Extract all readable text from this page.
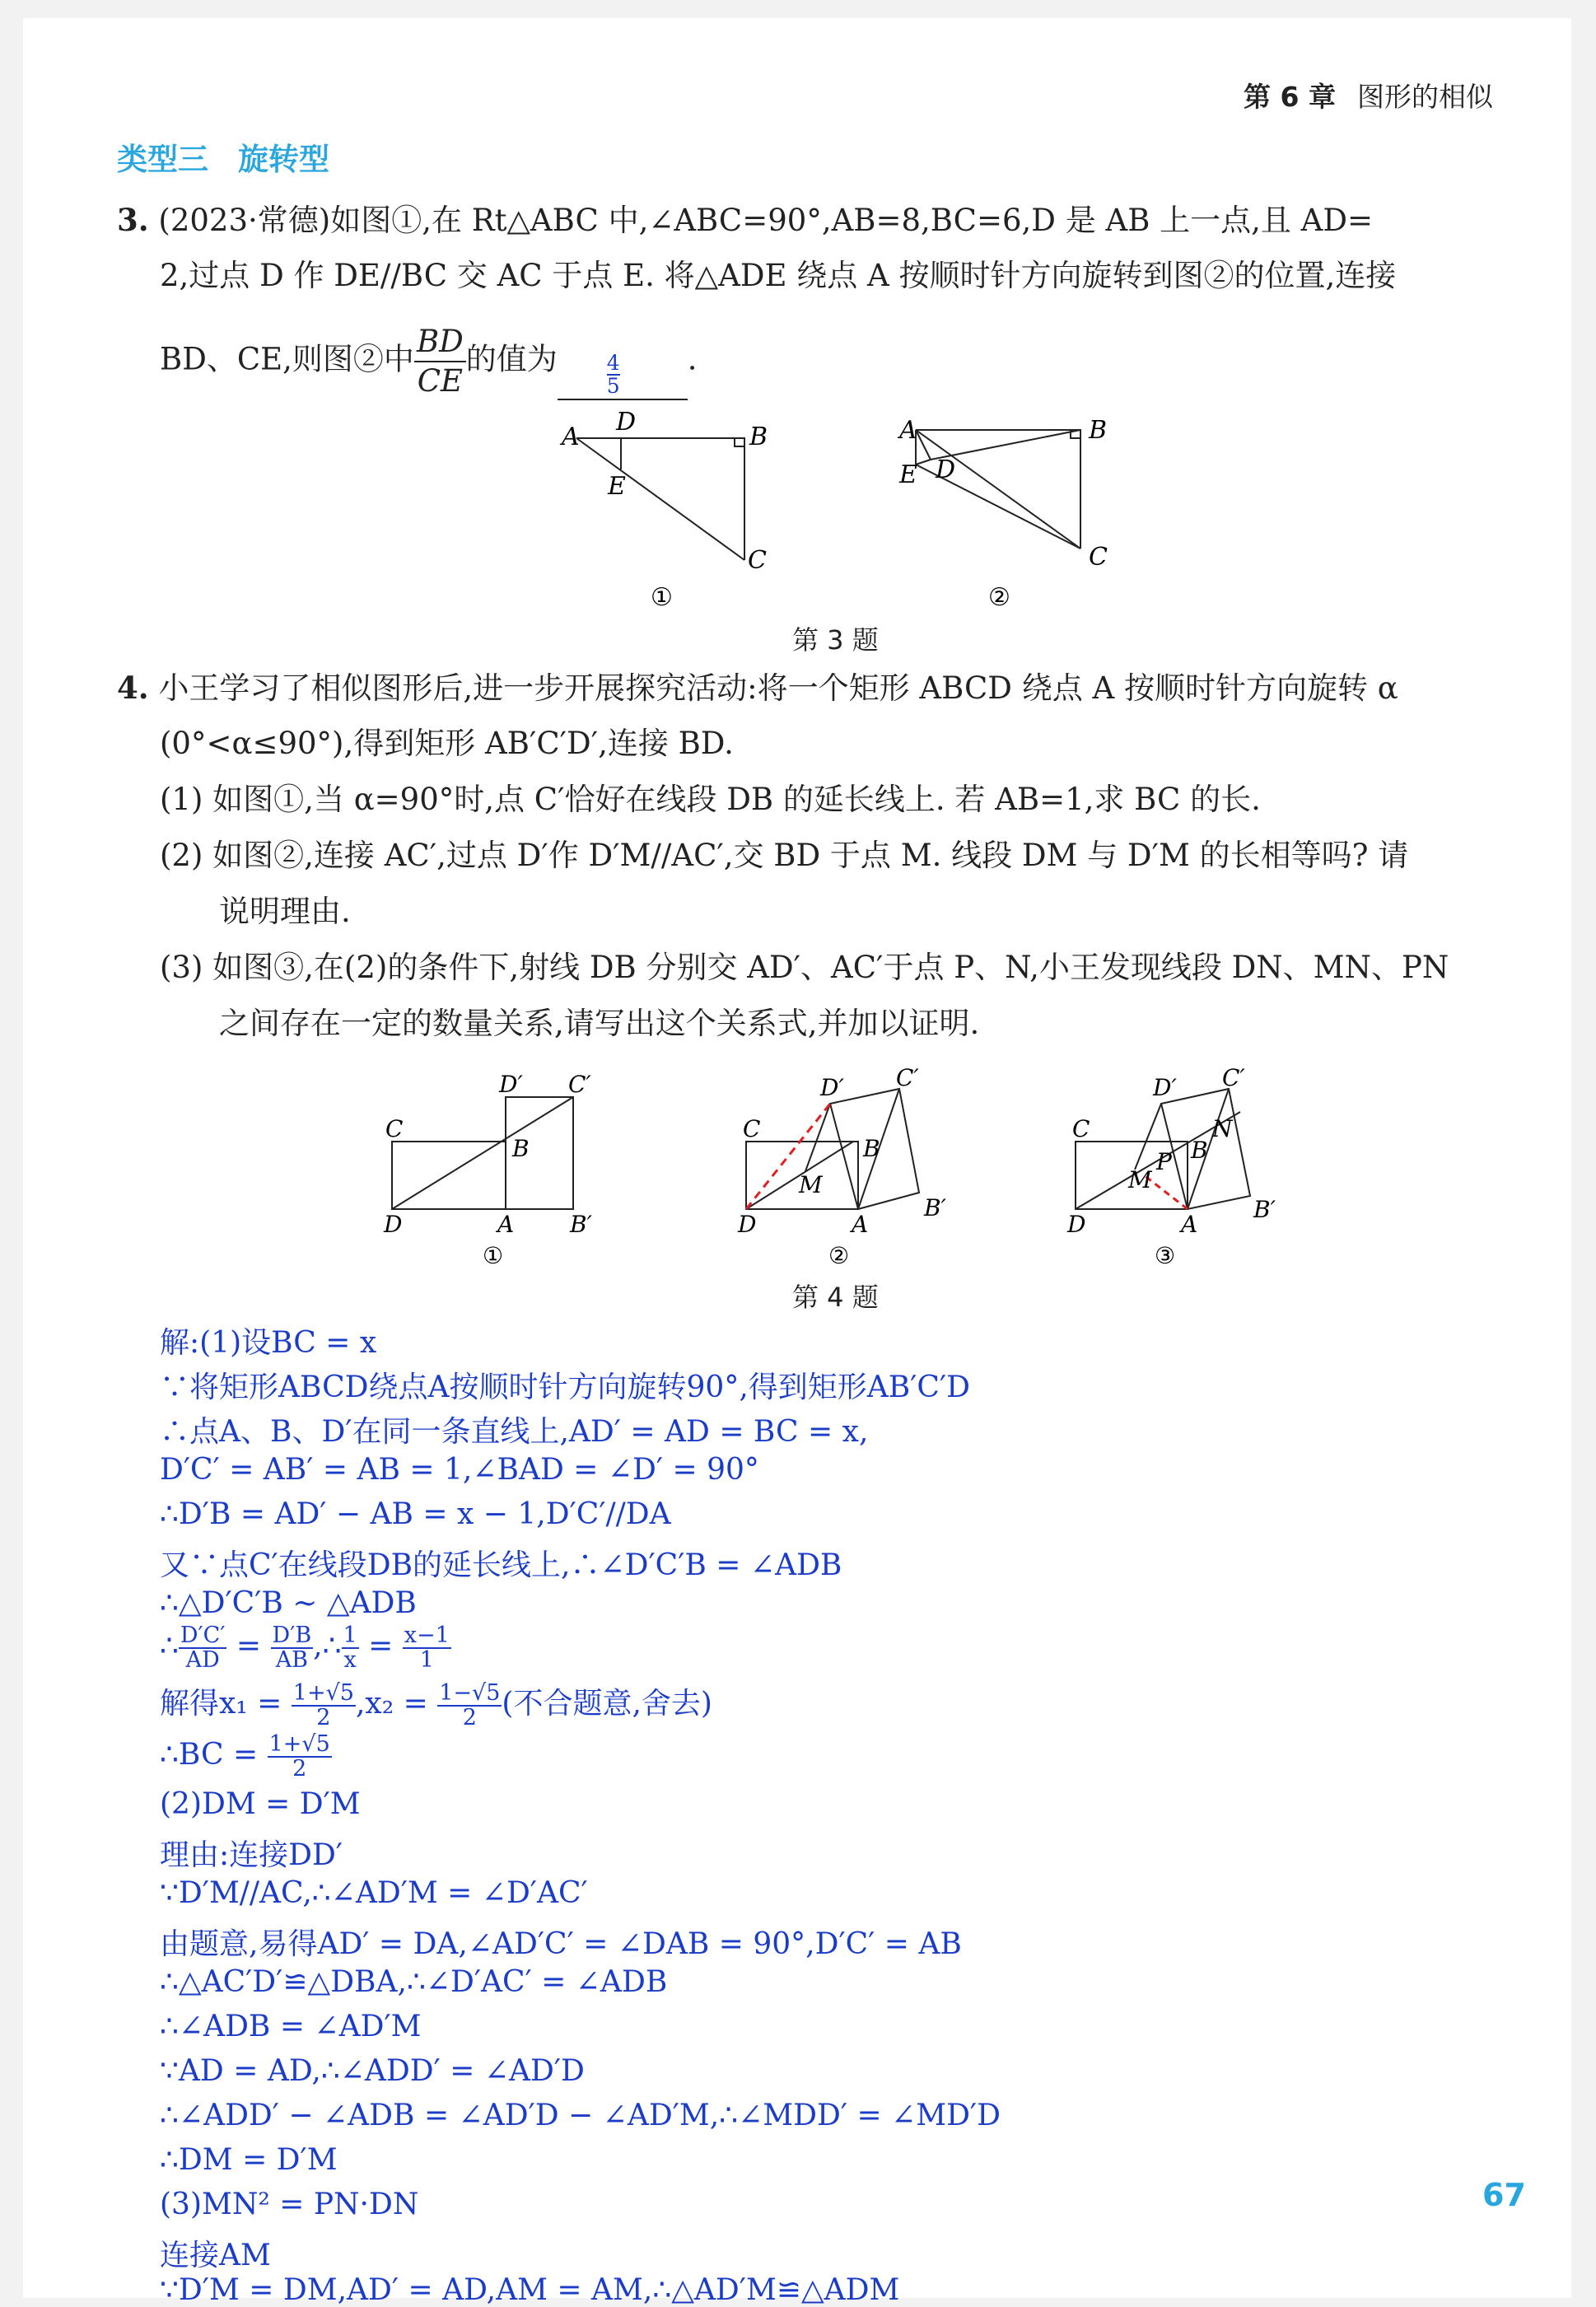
第 6 章 图形的相似
类型三 旋转型
3. (2023·常德)如图①,在 Rt△ABC 中,∠ABC=90°,AB=8,BC=6,D 是 AB 上一点,且 AD=
2,过点 D 作 DE//BC 交 AC 于点 E. 将△ADE 绕点 A 按顺时针方向旋转到图②的位置,连接
BD、CE,则图②中 $\frac{BD}{CE}$ 的值为 $\frac{4}{5}$ .
A
D
B
E
C
①
A	B
E D
C
②
第 3 题
4. 小王学习了相似图形后,进一步开展探究活动:将一个矩形 ABCD 绕点 A 按顺时针方向旋转 α
(0°<α≤90°),得到矩形 AB′C′D′,连接 BD.
(1) 如图①,当 α=90°时,点 C′恰好在线段 DB 的延长线上. 若 AB=1,求 BC 的长.
(2) 如图②,连接 AC′,过点 D′作 D′M//AC′,交 BD 于点 M. 线段 DM 与 D′M 的长相等吗? 请
说明理由.
(3) 如图③,在(2)的条件下,射线 DB 分别交 AD′、AC′于点 P、N,小王发现线段 DN、MN、PN
之间存在一定的数量关系,请写出这个关系式,并加以证明.
C
D	A
B
D′ C′
B′
①
C
D	A
B
M
D′ C′
B′
②
C
D	A
B
M
P
N
D′ C′
B′
③
第 4 题
解:(1)设BC = x
∵将矩形ABCD绕点A按顺时针方向旋转90°,得到矩形AB′C′D
∴点A、B、D′在同一条直线上,AD′ = AD = BC = x,
D′C′ = AB′ = AB = 1,∠BAD = ∠D′ = 90°
∴D′B = AD′ − AB = x − 1,D′C′//DA
又∵点C′在线段DB的延长线上,∴∠D′C′B = ∠ADB
∴△D′C′B ∼ △ADB
∴ $\frac{D'C'}{AD} = \frac{D'B}{AB}$ ,∴ $\frac{1}{x} = \frac{x-1}{1}$
解得$x_1 = \frac{1+√5}{2} ,x_2 = \frac{1-√5}{2}$ (不合题意,舍去)
∴BC = $\frac{1+√5}{2}$
(2)DM = D′M
理由:连接DD′
∵D′M//AC,∴∠AD′M = ∠D′AC′
由题意,易得AD′ = DA,∠AD′C′ = ∠DAB = 90°,D′C′ = AB
∴△AC′D′≌△DBA,∴∠D′AC′ = ∠ADB
∴∠ADB = ∠AD′M
∵AD = AD,∴∠ADD′ = ∠AD′D
∴∠ADD′ − ∠ADB = ∠AD′D − ∠AD′M,∴∠MDD′ = ∠MD′D
∴DM = D′M
(3)MN² = PN·DN
连接AM
∵D′M = DM,AD′ = AD,AM = AM,∴△AD′M≌△ADM
67
